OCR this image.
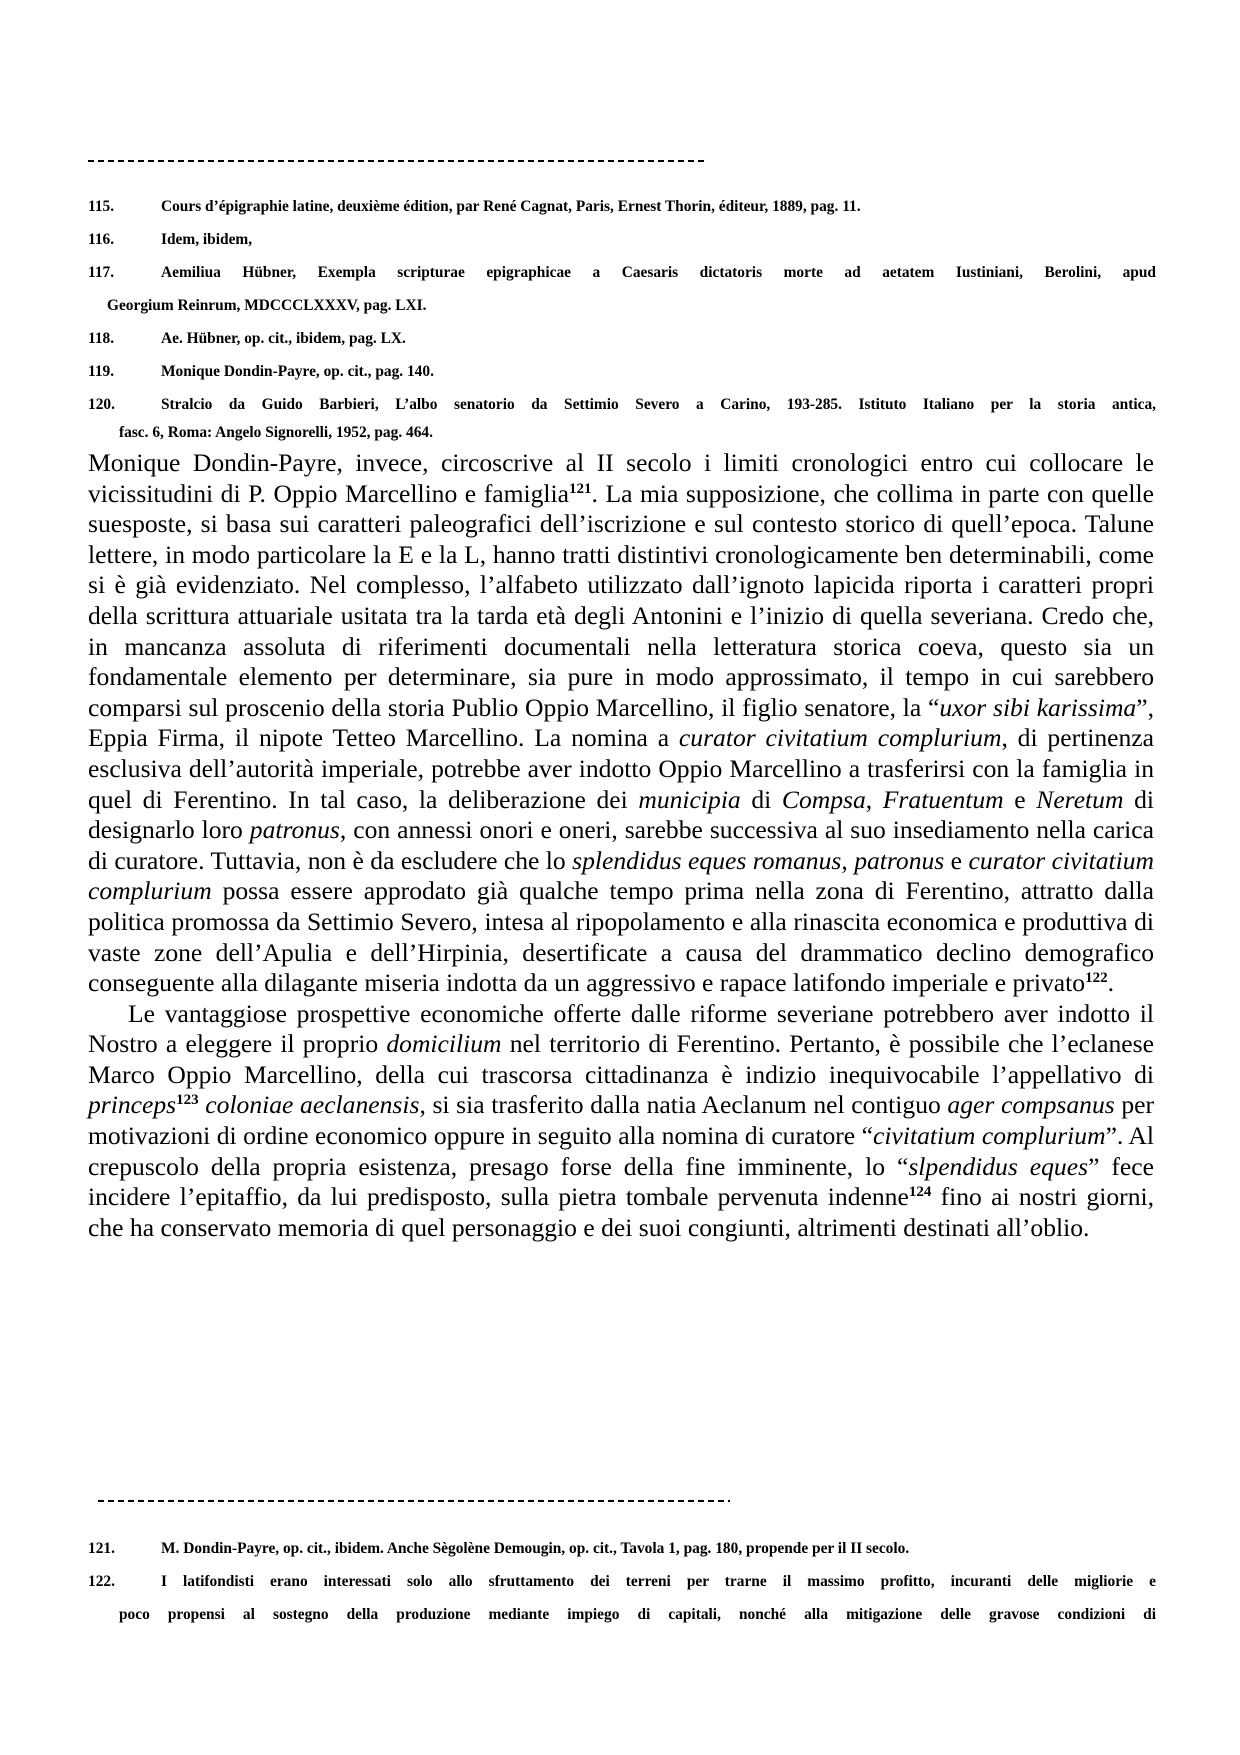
115.	Cours d’épigraphie latine, deuxième édition, par René Cagnat, Paris, Ernest Thorin, éditeur, 1889, pag. 11.
116.	Idem, ibidem,
117.	Aemiliua Hübner, Exempla scripturae epigraphicae a Caesaris dictatoris morte ad aetatem Iustiniani, Berolini, apud
Georgium Reinrum, MDCCCLXXXV, pag. LXI.
118.	Ae. Hübner, op. cit., ibidem, pag. LX.
119.	Monique Dondin-Payre, op. cit., pag. 140.
120.	Stralcio da Guido Barbieri, L’albo senatorio da Settimio Severo a Carino, 193-285. Istituto Italiano per la storia antica,
fasc. 6, Roma: Angelo Signorelli, 1952, pag. 464.

Monique Dondin-Payre, invece, circoscrive al II secolo i limiti cronologici entro cui collocare le vicissitudini di P. Oppio Marcellino e famiglia$^{121}$. La mia supposizione, che collima in parte con quelle suesposte, si basa sui caratteri paleografici dell’iscrizione e sul contesto storico di quell’epoca. Talune lettere, in modo particolare la E e la L, hanno tratti distintivi cronologicamente ben determinabili, come si è già evidenziato. Nel complesso, l’alfabeto utilizzato dall’ignoto lapicida riporta i caratteri propri della scrittura attuariale usitata tra la tarda età degli Antonini e l’inizio di quella severiana. Credo che, in mancanza assoluta di riferimenti documentali nella letteratura storica coeva, questo sia un fondamentale elemento per determinare, sia pure in modo approssimato, il tempo in cui sarebbero comparsi sul proscenio della storia Publio Oppio Marcellino, il figlio senatore, la “uxor sibi karissima”, Eppia Firma, il nipote Tetteo Marcellino. La nomina a curator civitatium complurium, di pertinenza esclusiva dell’autorità imperiale, potrebbe aver indotto Oppio Marcellino a trasferirsi con la famiglia in quel di Ferentino. In tal caso, la deliberazione dei municipia di Compsa, Fratuentum e Neretum di designarlo loro patronus, con annessi onori e oneri, sarebbe successiva al suo insediamento nella carica di curatore. Tuttavia, non è da escludere che lo splendidus eques romanus, patronus e curator civitatium complurium possa essere approdato già qualche tempo prima nella zona di Ferentino, attratto dalla politica promossa da Settimio Severo, intesa al ripopolamento e alla rinascita economica e produttiva di vaste zone dell’Apulia e dell’Hirpinia, desertificate a causa del drammatico declino demografico conseguente alla dilagante miseria indotta da un aggressivo e rapace latifondo imperiale e privato$^{122}$.

Le vantaggiose prospettive economiche offerte dalle riforme severiane potrebbero aver indotto il Nostro a eleggere il proprio domicilium nel territorio di Ferentino. Pertanto, è possibile che l’eclanese Marco Oppio Marcellino, della cui trascorsa cittadinanza è indizio inequivocabile l’appellativo di princeps$^{123}$ coloniae aeclanensis, si sia trasferito dalla natia Aeclanum nel contiguo ager compsanus per motivazioni di ordine economico oppure in seguito alla nomina di curatore “civitatium complurium”. Al crepuscolo della propria esistenza, presago forse della fine imminente, lo “slpendidus eques” fece incidere l’epitaffio, da lui predisposto, sulla pietra tombale pervenuta indenne$^{124}$ fino ai nostri giorni, che ha conservato memoria di quel personaggio e dei suoi congiunti, altrimenti destinati all’oblio.

121.	M. Dondin-Payre, op. cit., ibidem. Anche Sègolène Demougin, op. cit., Tavola 1, pag. 180, propende per il II secolo.
122.	I latifondisti erano interessati solo allo sfruttamento dei terreni per trarne il massimo profitto, incuranti delle migliorie e
poco propensi al sostegno della produzione mediante impiego di capitali, nonché alla mitigazione delle gravose condizioni di
